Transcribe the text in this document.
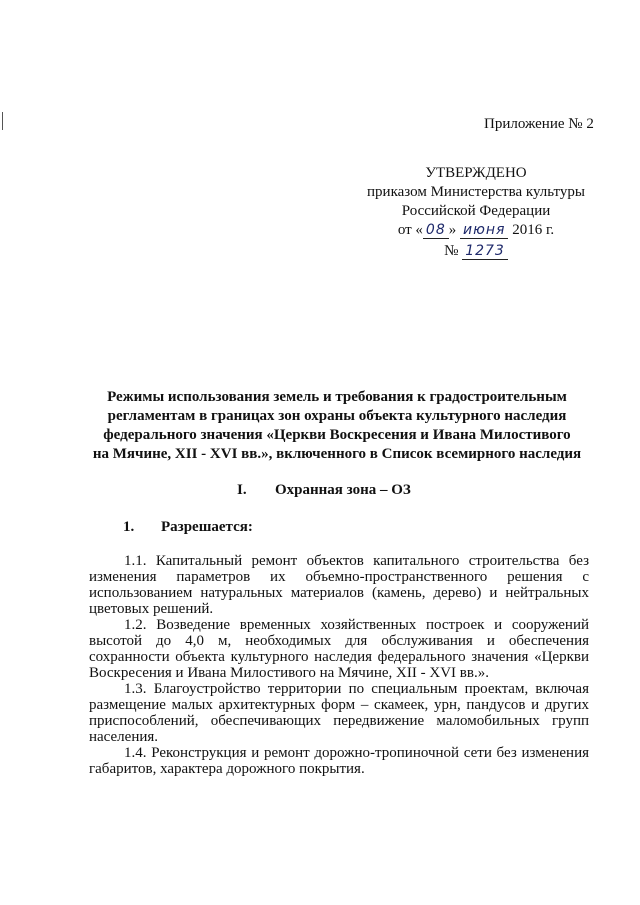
Приложение № 2
УТВЕРЖДЕНО
приказом Министерства культуры
Российской Федерации
от « 08 » июня 2016 г.
№ 1273
Режимы использования земель и требования к градостроительным
регламентам в границах зон охраны объекта культурного наследия
федерального значения «Церкви Воскресения и Ивана Милостивого
на Мячине, XII - XVI вв.», включенного в Список всемирного наследия
I. Охранная зона – ОЗ
1. Разрешается:

1.1. Капитальный ремонт объектов капитального строительства без изменения параметров их объемно-пространственного решения с использованием натуральных материалов (камень, дерево) и нейтральных цветовых решений.

1.2. Возведение временных хозяйственных построек и сооружений высотой до 4,0 м, необходимых для обслуживания и обеспечения сохранности объекта культурного наследия федерального значения «Церкви Воскресения и Ивана Милостивого на Мячине, XII - XVI вв.».

1.3. Благоустройство территории по специальным проектам, включая размещение малых архитектурных форм – скамеек, урн, пандусов и других приспособлений, обеспечивающих передвижение маломобильных групп населения.

1.4. Реконструкция и ремонт дорожно-тропиночной сети без изменения габаритов, характера дорожного покрытия.
